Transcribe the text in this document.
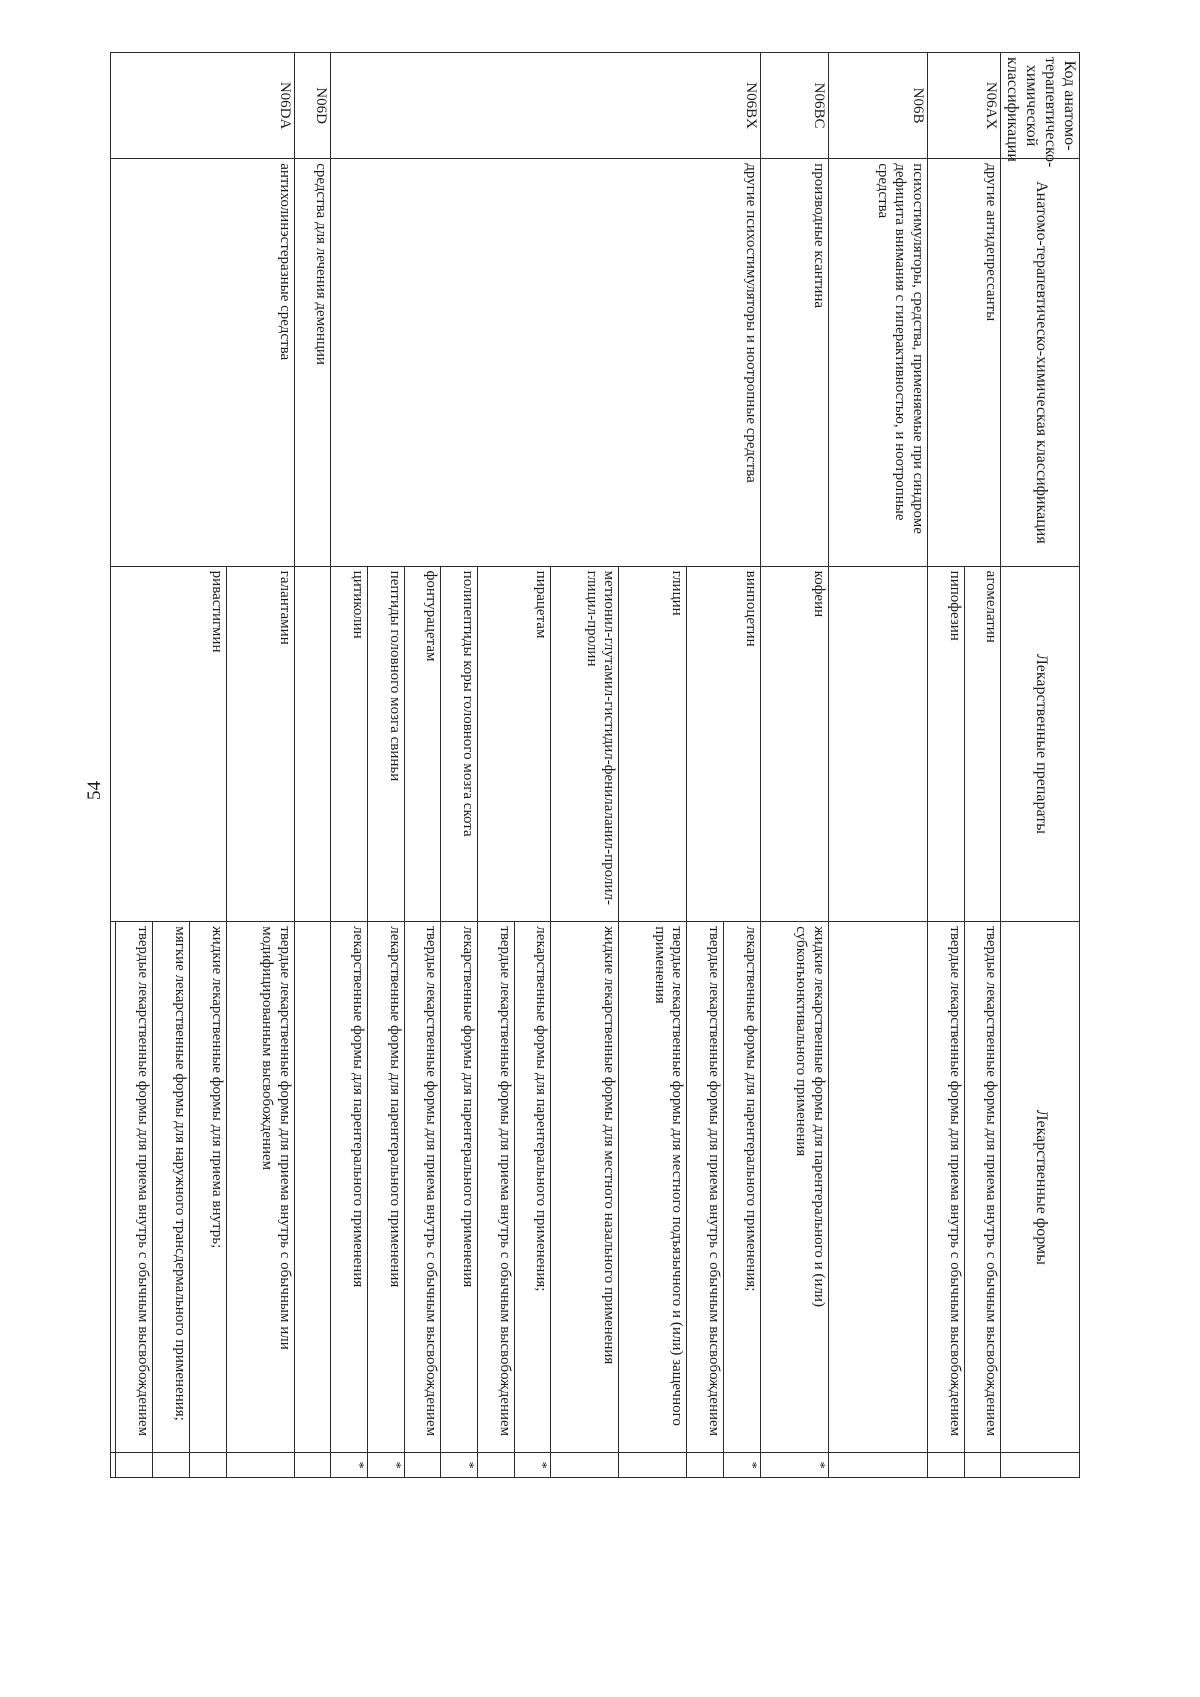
54
Код анатомо-терапевтическо-химической классификации	Анатомо-терапевтическо-химическая классификация	Лекарственные препараты	Лекарственные формы	
N06AX	другие антидепрессанты	агомелатин	твердые лекарственные формы для приема внутрь с обычным высвобождением	
		пипофезин	твердые лекарственные формы для приема внутрь с обычным высвобождением	
N06B	психостимуляторы, средства, применяемые при синдроме дефицита внимания с гиперактивностью, и ноотропные средства			
N06BC	производные ксантина	кофеин	жидкие лекарственные формы для парентерального и (или) субконъюнктивального применения	*
N06BX	другие психостимуляторы и ноотропные средства	винпоцетин	лекарственные формы для парентерального применения;	*
			твердые лекарственные формы для приема внутрь с обычным высвобождением	
		глицин	твердые лекарственные формы для местного подъязычного и (или) защечного применения	
		метионил-глутамил-гистидил-фенилаланил-пролил-глицил-пролин	жидкие лекарственные формы для местного назального применения	
		пирацетам	лекарственные формы для парентерального применения;	*
			твердые лекарственные формы для приема внутрь с обычным высвобождением	
		полипептиды коры головного мозга скота	лекарственные формы для парентерального применения	*
		фонтурацетам	твердые лекарственные формы для приема внутрь с обычным высвобождением	
		пептиды головного мозга свиньи	лекарственные формы для парентерального применения	*
		цитиколин	лекарственные формы для парентерального применения	*
N06D	средства для лечения деменции			
N06DA	антихолинэстеразные средства	галантамин	твердые лекарственные формы для приема внутрь с обычным или модифицированным высвобождением	
		ривастигмин	жидкие лекарственные формы для приема внутрь;	
			мягкие лекарственные формы для наружного трансдермального применения;	
			твердые лекарственные формы для приема внутрь с обычным высвобождением	
